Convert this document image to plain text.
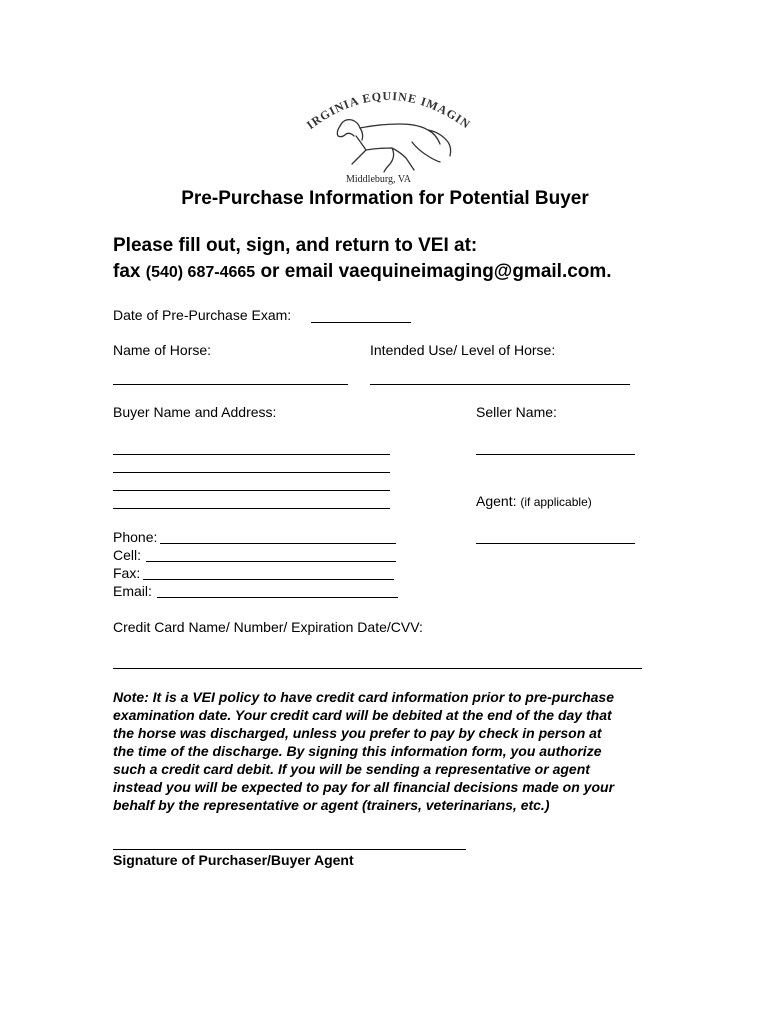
IRGINIA EQUINE IMAGIN
Middleburg, VA
Pre-Purchase Information for Potential Buyer
Please fill out, sign, and return to VEI at:
fax (540) 687-4665 or email vaequineimaging@gmail.com.
Date of Pre-Purchase Exam:
Name of Horse:	Intended Use/ Level of Horse:
Buyer Name and Address:	Seller Name:
Agent: (if applicable)
Phone:
Cell:
Fax:
Email:
Credit Card Name/ Number/ Expiration Date/CVV:
Note: It is a VEI policy to have credit card information prior to pre-purchase
examination date. Your credit card will be debited at the end of the day that
the horse was discharged, unless you prefer to pay by check in person at
the time of the discharge. By signing this information form, you authorize
such a credit card debit. If you will be sending a representative or agent
instead you will be expected to pay for all financial decisions made on your
behalf by the representative or agent (trainers, veterinarians, etc.)
Signature of Purchaser/Buyer Agent
